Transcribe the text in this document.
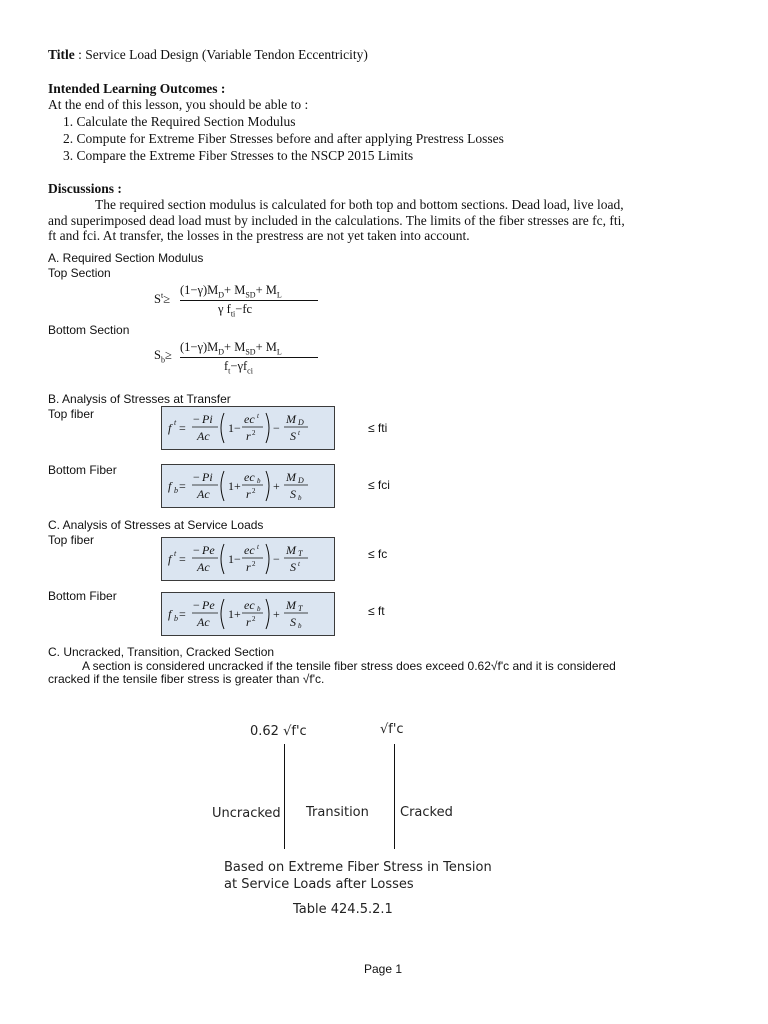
Title : Service Load Design (Variable Tendon Eccentricity)
Intended Learning Outcomes :
At the end of this lesson, you should be able to :
1. Calculate the Required Section Modulus
2. Compute for Extreme Fiber Stresses before and after applying Prestress Losses
3. Compare the Extreme Fiber Stresses to the NSCP 2015 Limits
Discussions :
The required section modulus is calculated for both top and bottom sections. Dead load, live load,
and superimposed dead load must by included in the calculations. The limits of the fiber stresses are fc, fti,
ft and fci. At transfer, the losses in the prestress are not yet taken into account.
A. Required Section Modulus
Top Section
$S^t\ge$
$(1-\gamma)M_D+ M_{SD}+ M_L$
γ $f_{ti}-fc$
Bottom Section
$S_b\ge$
$(1-\gamma)M_D+ M_{SD}+ M_L$
$f_t-\gamma f_{ci}$
B. Analysis of Stresses at Transfer
Top fiber
f t =
− Pi
Ac
1−
ec t
r 2 −
M D
S t	≤ fti
Bottom Fiber
f b =
− Pi
Ac
1+
ec b
r 2 +
M D
S b
≤ fci
C. Analysis of Stresses at Service Loads
Top fiber
f t =
− Pe
Ac
1−
ec t
r 2 −
M T
S t
≤ fc
Bottom Fiber
f b =
− Pe
Ac
1+
ec b
r 2 +
M T
S b
≤ ft
C. Uncracked, Transition, Cracked Section
A section is considered uncracked if the tensile fiber stress does exceed 0.62√f'c and it is considered
cracked if the tensile fiber stress is greater than √f'c.
0.62 √f'c	√f'c
Uncracked Transition Cracked
Based on Extreme Fiber Stress in Tension
at Service Loads after Losses
Table 424.5.2.1
Page 1
